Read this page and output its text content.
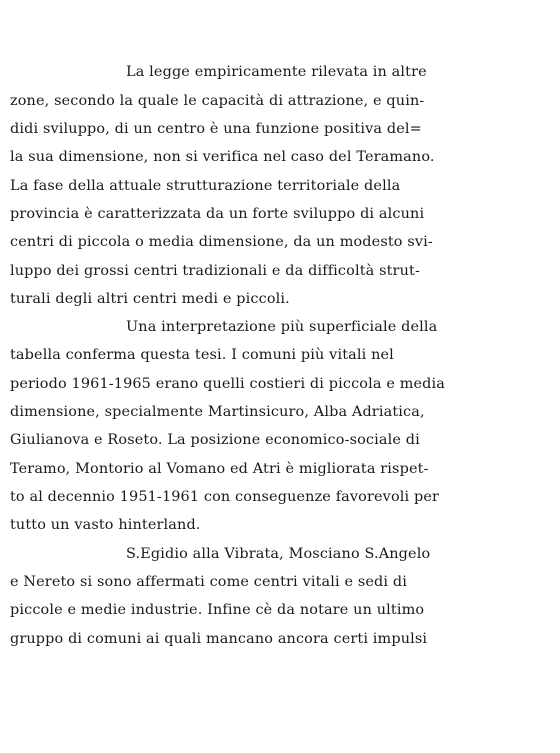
La legge empiricamente rilevata in altre
zone, secondo la quale le capacità di attrazione, e quin-
didi sviluppo, di un centro è una funzione positiva del=
la sua dimensione, non si verifica nel caso del Teramano.
La fase della attuale strutturazione territoriale della
provincia è caratterizzata da un forte sviluppo di alcuni
centri di piccola o media dimensione, da un modesto svi-
luppo dei grossi centri tradizionali e da difficoltà strut-
turali degli altri centri medi e piccoli.
Una interpretazione più superficiale della
tabella conferma questa tesi. I comuni più vitali nel
periodo 1961-1965 erano quelli costieri di piccola e media
dimensione, specialmente Martinsicuro, Alba Adriatica,
Giulianova e Roseto. La posizione economico-sociale di
Teramo, Montorio al Vomano ed Atri è migliorata rispet-
to al decennio 1951-1961 con conseguenze favorevoli per
tutto un vasto hinterland.
S.Egidio alla Vibrata, Mosciano S.Angelo
e Nereto si sono affermati come centri vitali e sedi di
piccole e medie industrie. Infine cè da notare un ultimo
gruppo di comuni ai quali mancano ancora certi impulsi
